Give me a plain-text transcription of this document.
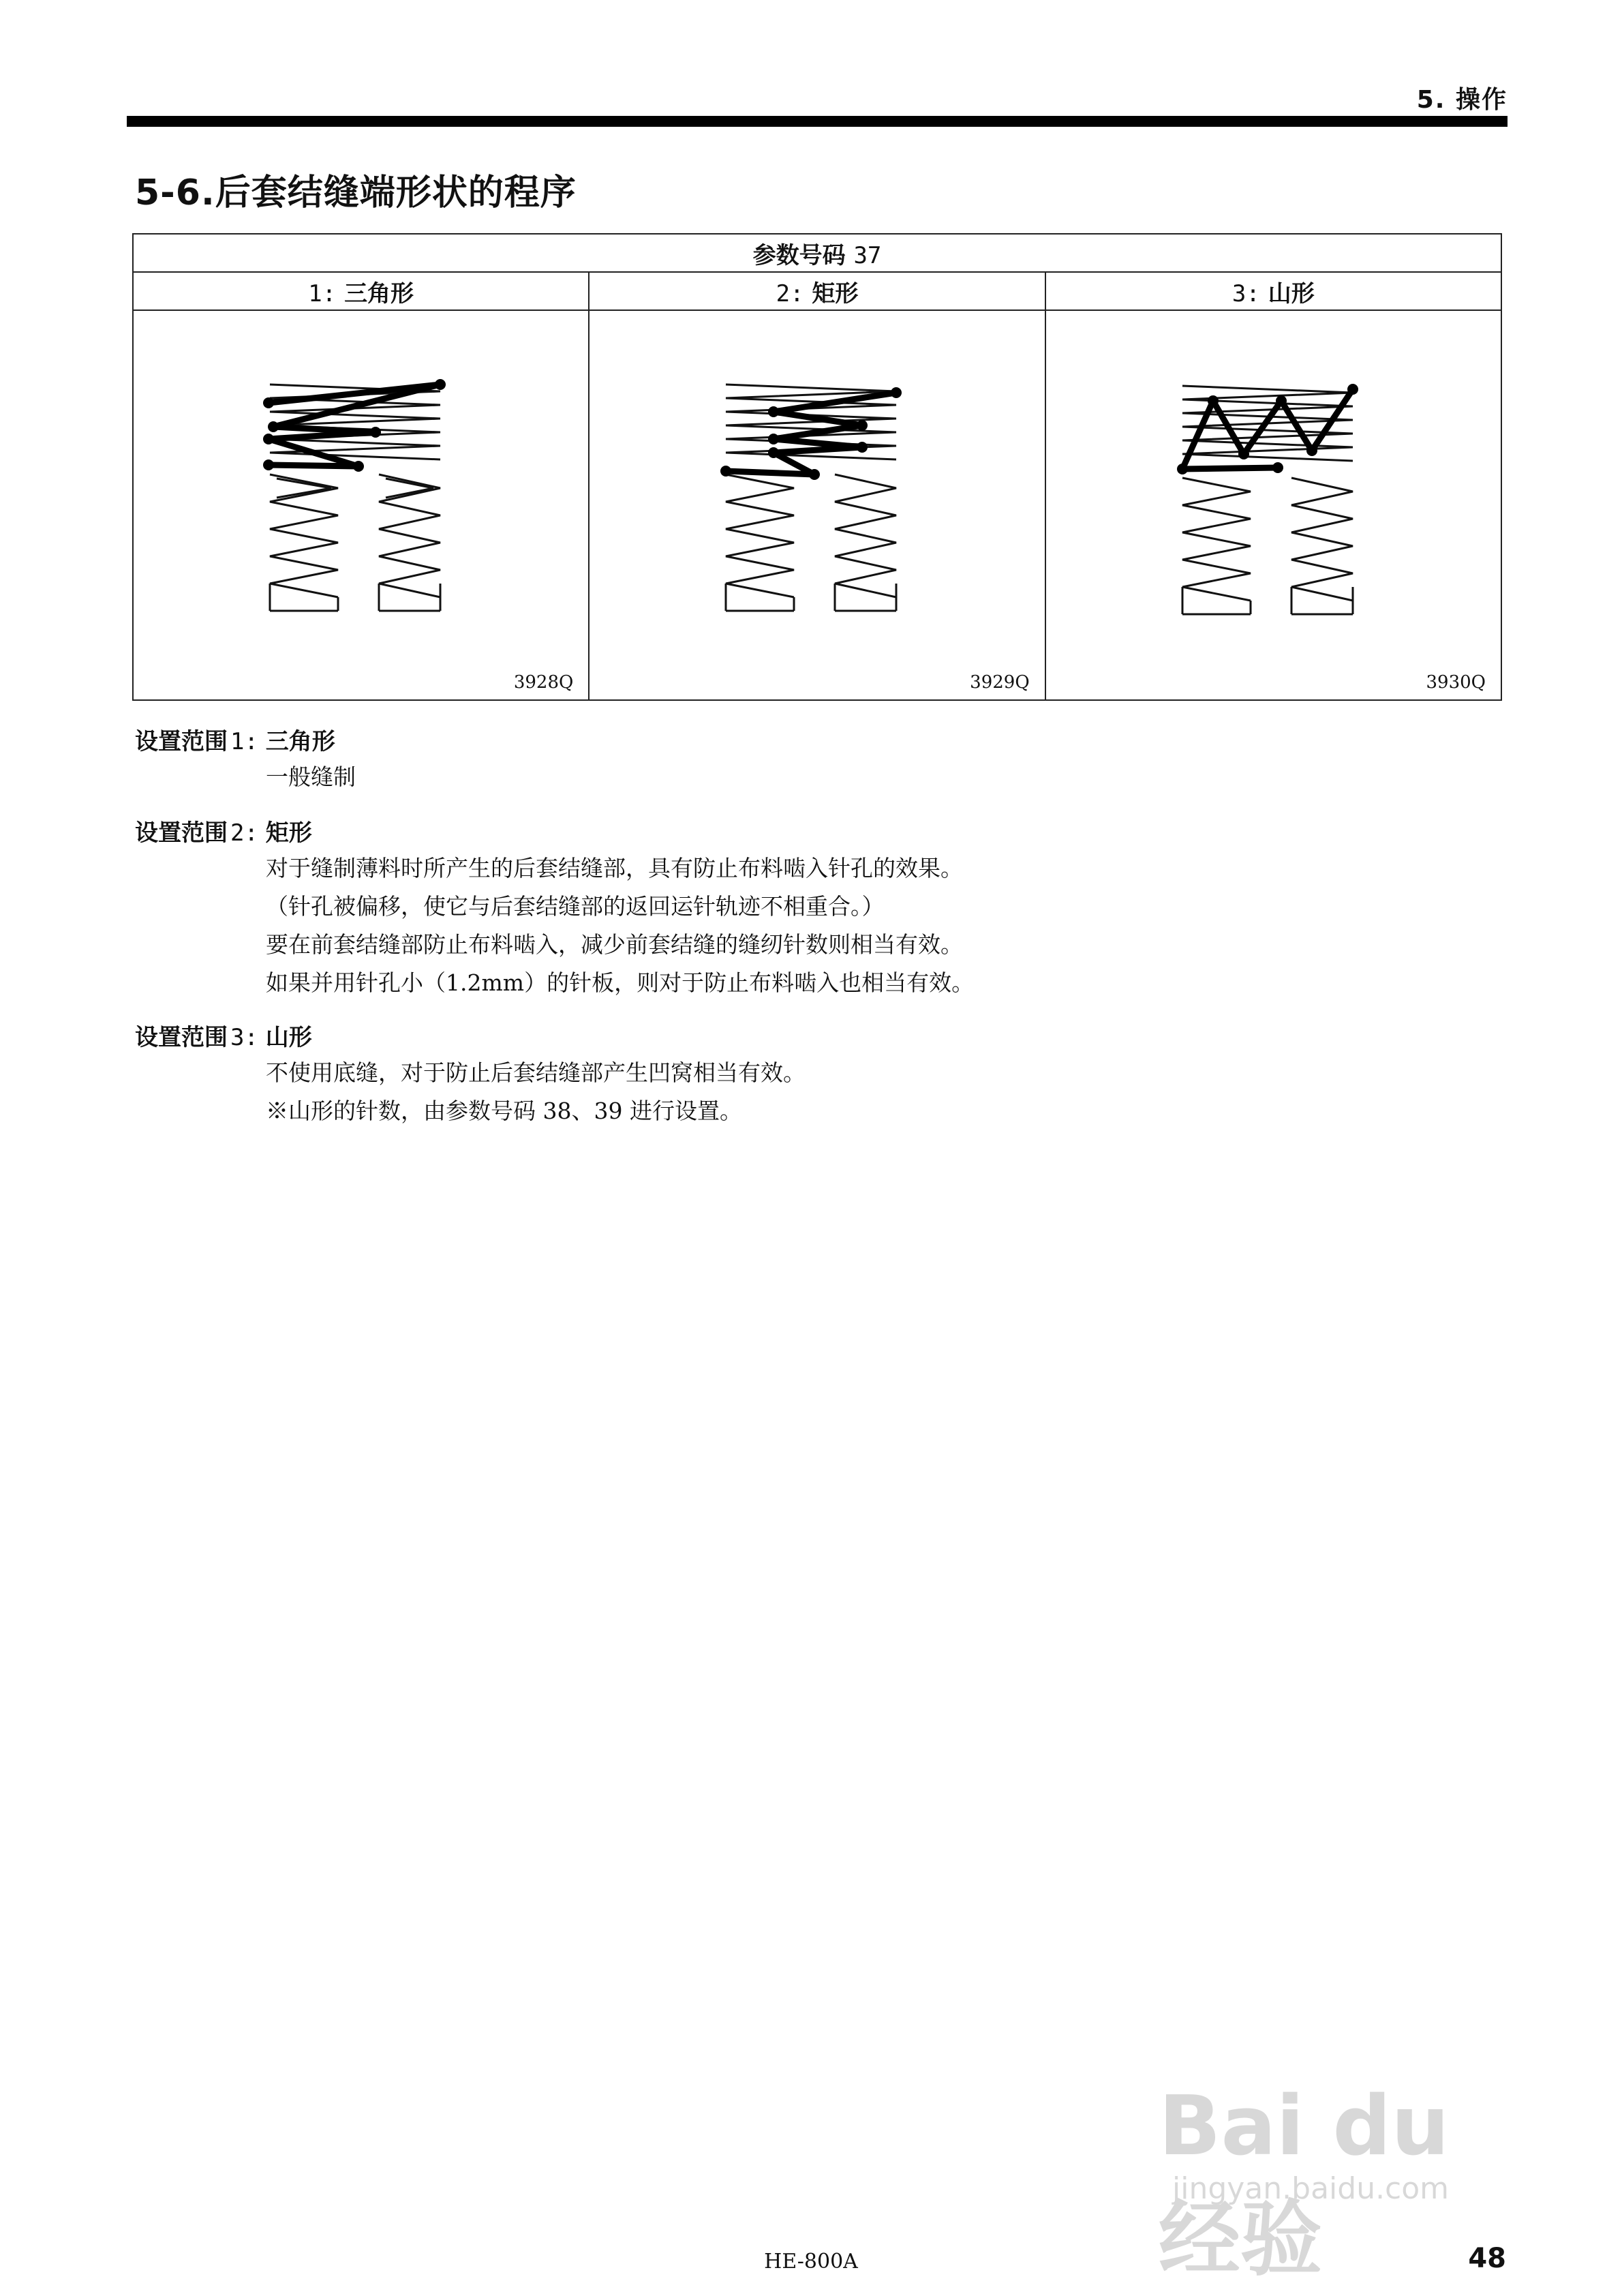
5. 操作
5-6.后套结缝端形状的程序
参数号码 37		
1: 三角形	2: 矩形	3: 山形

3928Q	3929Q	3930Q
设置范围 1: 三角形
一般缝制
设置范围 2: 矩形
对于缝制薄料时所产生的后套结缝部，具有防止布料啮入针孔的效果。
（针孔被偏移，使它与后套结缝部的返回运针轨迹不相重合。）
要在前套结缝部防止布料啮入，减少前套结缝的缝纫针数则相当有效。
如果并用针孔小（1.2mm）的针板，则对于防止布料啮入也相当有效。
设置范围 3: 山形
不使用底缝，对于防止后套结缝部产生凹窝相当有效。
※山形的针数，由参数号码 38、39 进行设置。
Bai du 经验
jingyan.baidu.com
HE-800A	48
